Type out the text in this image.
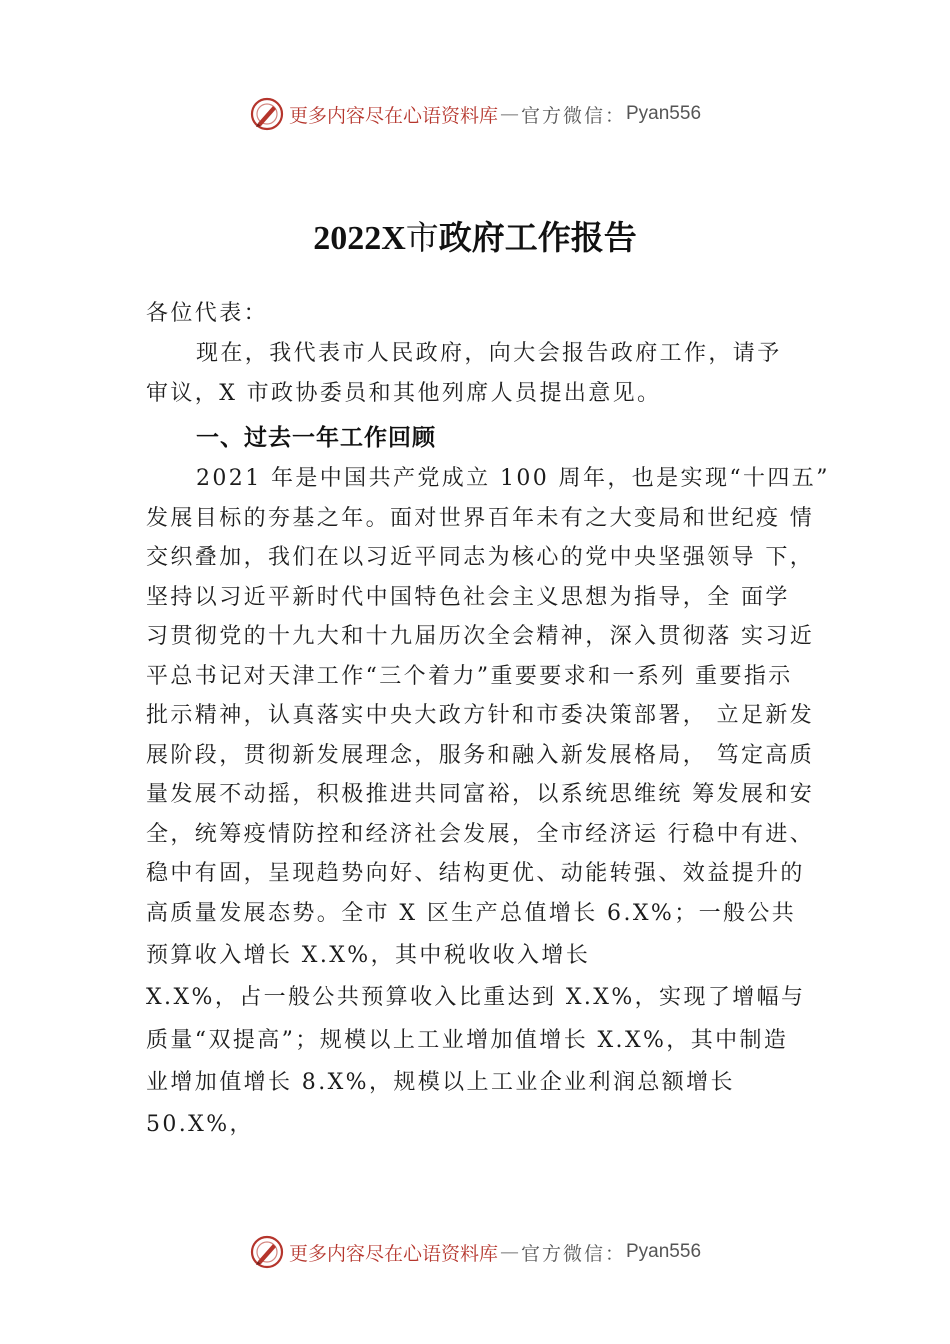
更多内容尽在心语资料库 — 官方微信： Pyan556
2022X市政府工作报告
各位代表：
现在，我代表市人民政府，向大会报告政府工作，请予
审议，X 市政协委员和其他列席人员提出意见。
一、过去一年工作回顾
2021 年是中国共产党成立 100 周年，也是实现“十四五”
发展目标的夯基之年。面对世界百年未有之大变局和世纪疫 情
交织叠加，我们在以习近平同志为核心的党中央坚强领导 下，
坚持以习近平新时代中国特色社会主义思想为指导，全 面学
习贯彻党的十九大和十九届历次全会精神，深入贯彻落 实习近
平总书记对天津工作“三个着力”重要要求和一系列 重要指示
批示精神，认真落实中央大政方针和市委决策部署， 立足新发
展阶段，贯彻新发展理念，服务和融入新发展格局， 笃定高质
量发展不动摇，积极推进共同富裕，以系统思维统 筹发展和安
全，统筹疫情防控和经济社会发展，全市经济运 行稳中有进、
稳中有固，呈现趋势向好、结构更优、动能转强、效益提升的
高质量发展态势。全市 X 区生产总值增长 6.X%；一般公共
预算收入增长 X.X%，其中税收收入增长
X.X%，占一般公共预算收入比重达到 X.X%，实现了增幅与
质量“双提高”；规模以上工业增加值增长 X.X%，其中制造
业增加值增长 8.X%，规模以上工业企业利润总额增长
50.X%，
更多内容尽在心语资料库 — 官方微信： Pyan556
